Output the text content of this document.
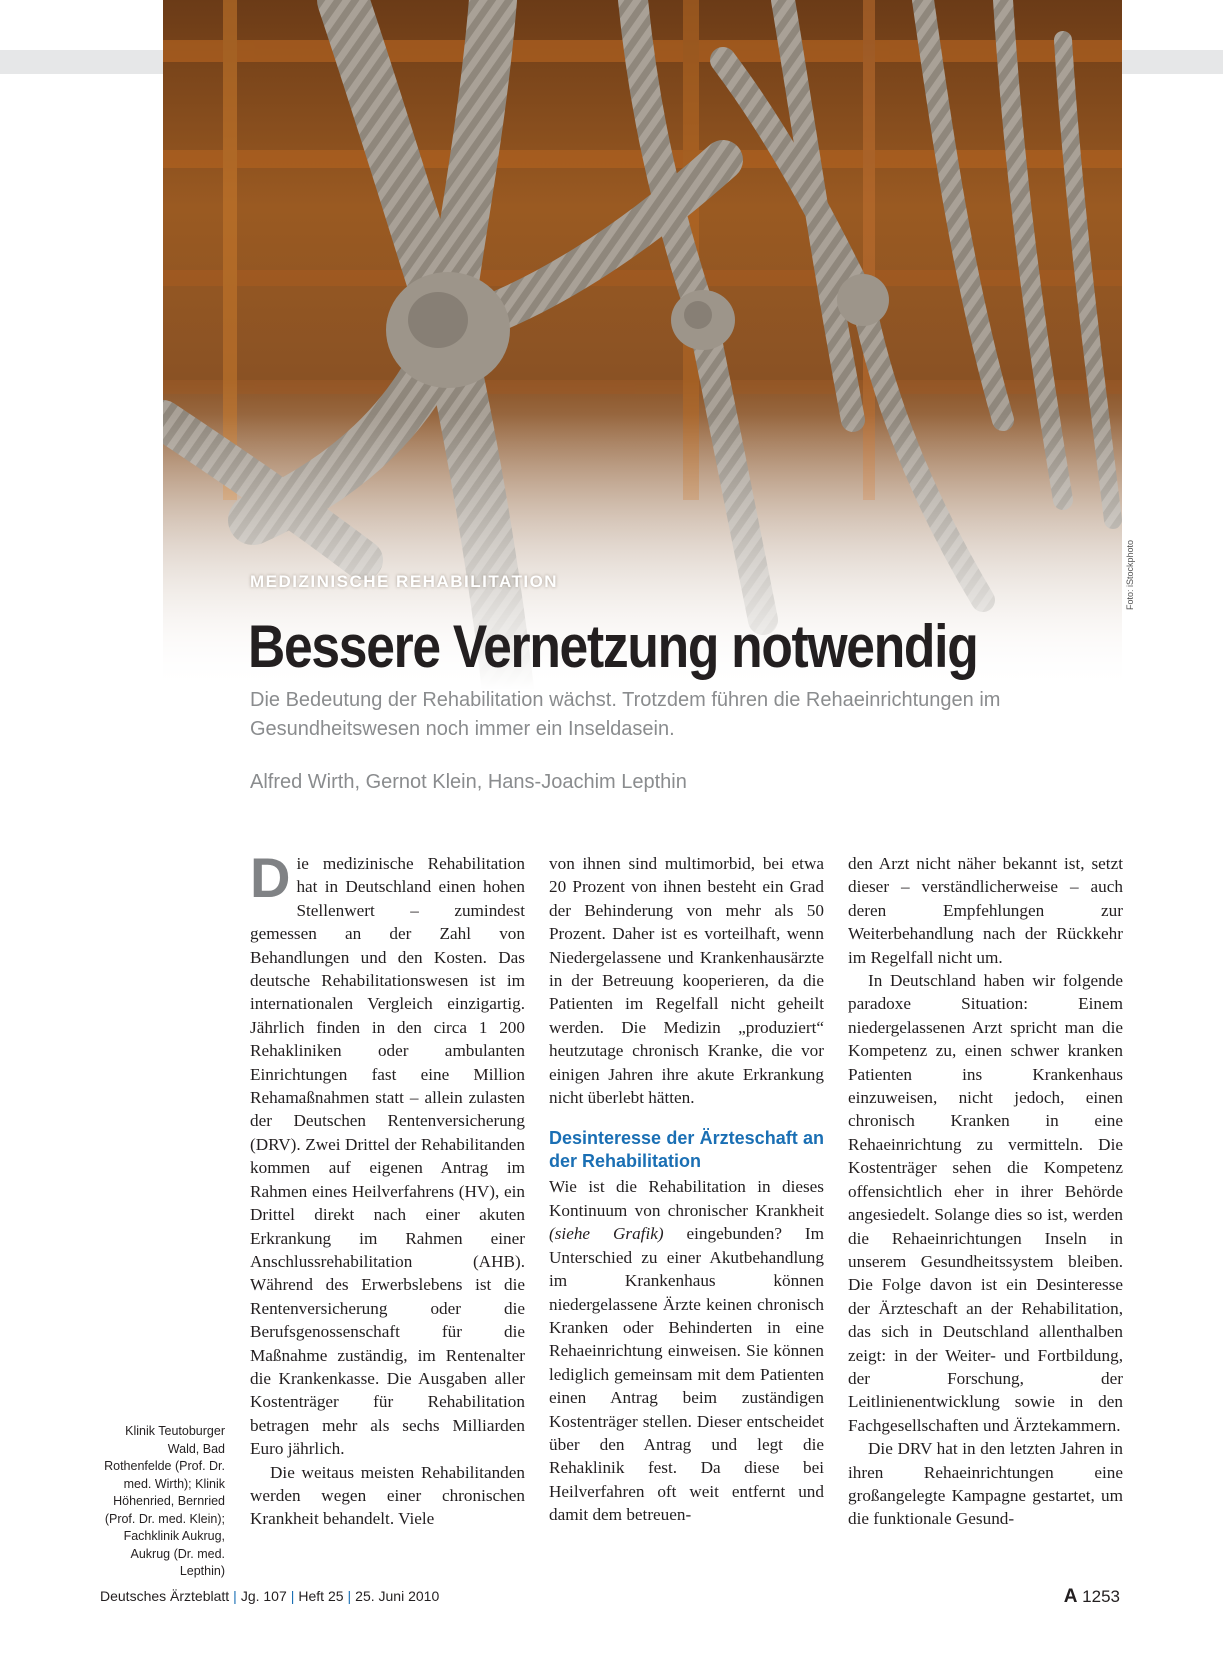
Foto: iStockphoto
MEDIZINISCHE REHABILITATION
Bessere Vernetzung notwendig
Die Bedeutung der Rehabilitation wächst. Trotzdem führen die Rehaeinrichtungen im Gesundheitswesen noch immer ein Inseldasein.
Alfred Wirth, Gernot Klein, Hans-Joachim Lepthin

Die medizinische Rehabilitation hat in Deutschland einen hohen Stellenwert – zumindest gemessen an der Zahl von Behandlungen und den Kosten. Das deutsche Rehabilitationswesen ist im internationalen Vergleich einzigartig. Jährlich finden in den circa 1 200 Rehakliniken oder ambulanten Einrichtungen fast eine Million Rehamaßnahmen statt – allein zulasten der Deutschen Rentenversicherung (DRV). Zwei Drittel der Rehabilitanden kommen auf eigenen Antrag im Rahmen eines Heilverfahrens (HV), ein Drittel direkt nach einer akuten Erkrankung im Rahmen einer Anschlussrehabilitation (AHB). Während des Erwerbslebens ist die Rentenversicherung oder die Berufsgenossenschaft für die Maßnahme zuständig, im Rentenalter die Krankenkasse. Die Ausgaben aller Kostenträger für Rehabilitation betragen mehr als sechs Milliarden Euro jährlich.

Die weitaus meisten Rehabilitanden werden wegen einer chronischen Krankheit behandelt. Viele

von ihnen sind multimorbid, bei etwa 20 Prozent von ihnen besteht ein Grad der Behinderung von mehr als 50 Prozent. Daher ist es vorteilhaft, wenn Niedergelassene und Krankenhausärzte in der Betreuung kooperieren, da die Patienten im Regelfall nicht geheilt werden. Die Medizin „produziert“ heutzutage chronisch Kranke, die vor einigen Jahren ihre akute Erkrankung nicht überlebt hätten.

Desinteresse der Ärzteschaft an der Rehabilitation

Wie ist die Rehabilitation in dieses Kontinuum von chronischer Krankheit (siehe Grafik) eingebunden? Im Unterschied zu einer Akutbehandlung im Krankenhaus können niedergelassene Ärzte keinen chronisch Kranken oder Behinderten in eine Rehaeinrichtung einweisen. Sie können lediglich gemeinsam mit dem Patienten einen Antrag beim zuständigen Kostenträger stellen. Dieser entscheidet über den Antrag und legt die Rehaklinik fest. Da diese bei Heilverfahren oft weit entfernt und damit dem betreuen-

den Arzt nicht näher bekannt ist, setzt dieser – verständlicherweise – auch deren Empfehlungen zur Weiterbehandlung nach der Rückkehr im Regelfall nicht um.

In Deutschland haben wir folgende paradoxe Situation: Einem niedergelassenen Arzt spricht man die Kompetenz zu, einen schwer kranken Patienten ins Krankenhaus einzuweisen, nicht jedoch, einen chronisch Kranken in eine Rehaeinrichtung zu vermitteln. Die Kostenträger sehen die Kompetenz offensichtlich eher in ihrer Behörde angesiedelt. Solange dies so ist, werden die Rehaeinrichtungen Inseln in unserem Gesundheitssystem bleiben. Die Folge davon ist ein Desinteresse der Ärzteschaft an der Rehabilitation, das sich in Deutschland allenthalben zeigt: in der Weiter- und Fortbildung, der Forschung, der Leitlinienentwicklung sowie in den Fachgesellschaften und Ärztekammern.

Die DRV hat in den letzten Jahren in ihren Rehaeinrichtungen eine großangelegte Kampagne gestartet, um die funktionale Gesund-

Klinik Teutoburger Wald, Bad Rothenfelde (Prof. Dr. med. Wirth); Klinik Höhenried, Bernried (Prof. Dr. med. Klein); Fachklinik Aukrug, Aukrug (Dr. med. Lepthin)
Deutsches Ärzteblatt | Jg. 107 | Heft 25 | 25. Juni 2010	A 1253
